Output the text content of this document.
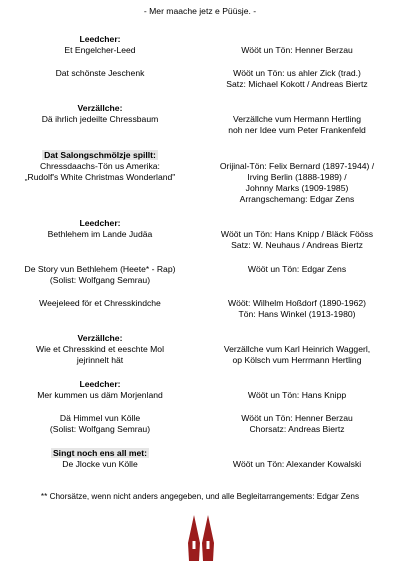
- Mer maache jetz e Püüsje. -
Leedcher:
Et Engelcher-Leed	Wööt un Tön: Henner Berzau
Dat schönste Jeschenk	Wööt un Tön: us ahler Zick (trad.)
Satz: Michael Kokott / Andreas Biertz
Verzällche:
Dä ihrlich jedeilte Chressbaum	Verzällche vum Hermann Hertling
noh ner Idee vum Peter Frankenfeld
Dat Salongschmölzje spillt:
Chressdaachs-Tön us Amerika:	Orijinal-Tön: Felix Bernard (1897-1944) /
„Rudolf's White Christmas Wonderland"	Irving Berlin (1888-1989) /
Johnny Marks (1909-1985)
Arrangschemang: Edgar Zens
Leedcher:
Bethlehem im Lande Judäa	Wööt un Tön: Hans Knipp / Bläck Fööss
Satz: W. Neuhaus / Andreas Biertz
De Story vun Bethlehem (Heete* - Rap)	Wööt un Tön: Edgar Zens
(Solist: Wolfgang Semrau)
Weejeleed för et Chresskindche	Wööt: Wilhelm Hoßdorf (1890-1962)
Tön: Hans Winkel (1913-1980)
Verzällche:
Wie et Chresskind et eeschte Mol	Verzällche vum Karl Heinrich Waggerl,
jejrinnelt hät	op Kölsch vum Herrmann Hertling
Leedcher:
Mer kummen us däm Morjenland	Wööt un Tön: Hans Knipp
Dä Himmel vun Kölle	Wööt un Tön: Henner Berzau
(Solist: Wolfgang Semrau)	Chorsatz: Andreas Biertz
Singt noch ens all met:
De Jlocke vun Kölle	Wööt un Tön: Alexander Kowalski
** Chorsätze, wenn nicht anders angegeben, und alle Begleitarrangements: Edgar Zens
